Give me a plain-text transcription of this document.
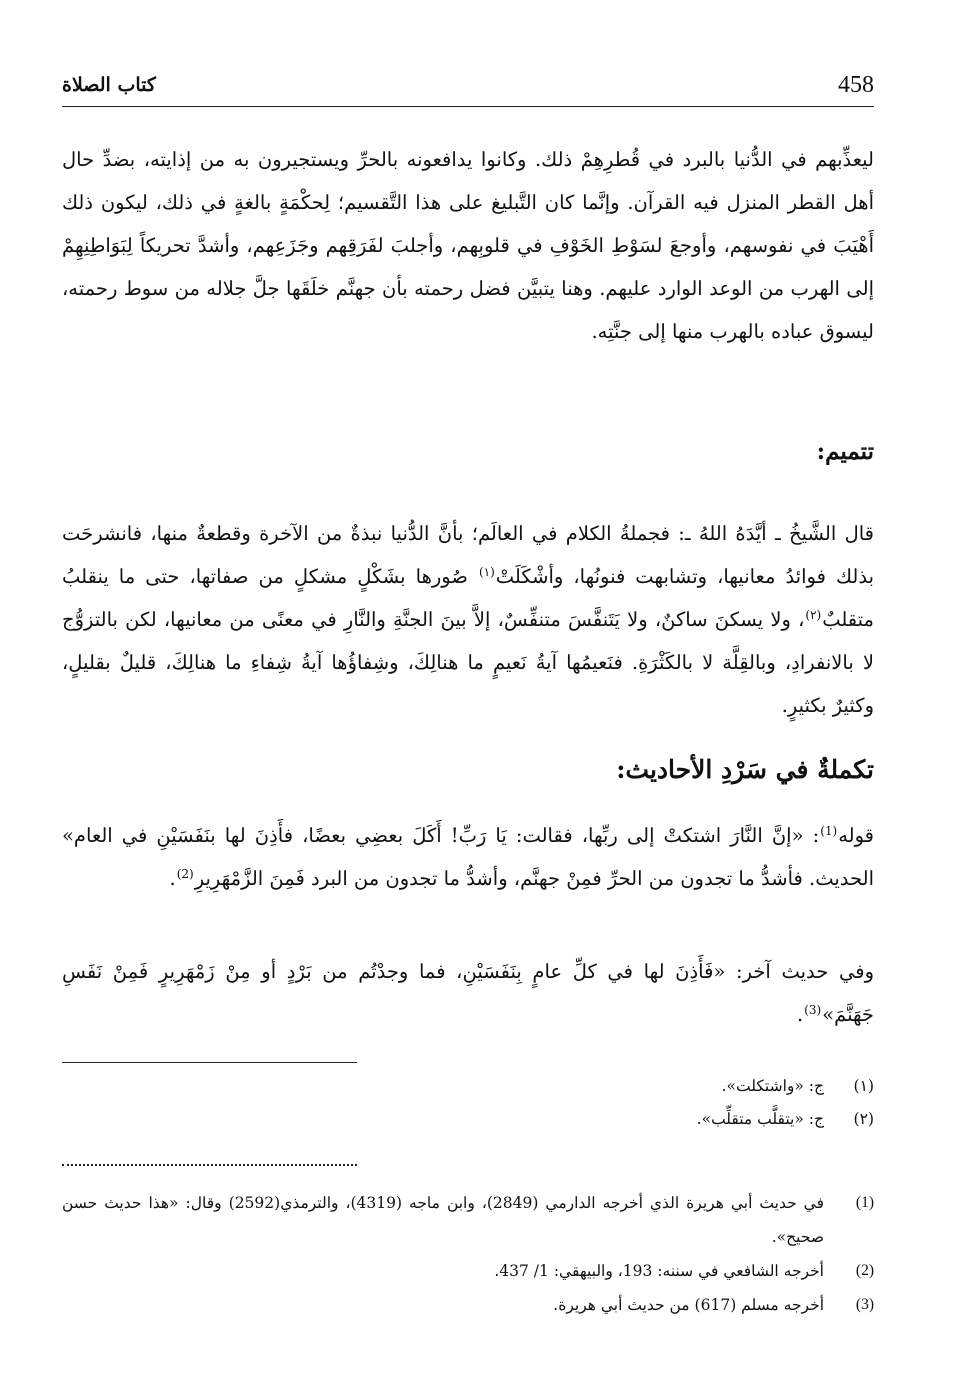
458
كتاب الصلاة

ليعذِّبهم في الدُّنيا بالبرد في قُطرِهِمْ ذلك. وكانوا يدافعونه بالحرِّ ويستجيرون به من إذايته، بضدِّ حال أهل القطر المنزل فيه القرآن. وإنَّما كان التَّبليغ على هذا التَّقسيم؛ لِحكْمَةٍ بالغةٍ في ذلك، ليكون ذلك أَهْيَبَ في نفوسهم، وأوجعَ لسَوْطِ الخَوْفِ في قلوبِهم، وأجلبَ لفَرَقِهم وجَزَعِهم، وأشدَّ تحريكاً لِبَوَاطِنِهِمْ إلى الهرب من الوعد الوارد عليهم. وهنا يتبيَّن فضل رحمته بأن جهنَّم خلَقَها جلَّ جلاله من سوط رحمته، ليسوق عباده بالهرب منها إلى جنَّتِه.

تتميم:

قال الشَّيخُ ـ أيَّدَهُ اللهُ ـ: فجملةُ الكلام في العالَم؛ بأنَّ الدُّنيا نبذةٌ من الآخرة وقطعةٌ منها، فانشرحَت بذلك فوائدُ معانيها، وتشابهت فنونُها، وأشْكَلَتْ$^{(١)}$ صُورها بشَكْلٍ مشكلٍ من صفاتها، حتى ما ينقلبُ متقلبٌ$^{(٢)}$، ولا يسكنَ ساكنٌ، ولا يَتَنفَّسَ متنفِّسٌ، إلاَّ بينَ الجنَّةِ والنَّارِ في معنًى من معانيها، لكن بالتزوُّج لا بالانفرادِ، وبالقِلَّة لا بالكَثْرَةِ. فنَعيمُها آيةُ نَعيمٍ ما هنالِكَ، وشِفاؤُها آيةُ شِفاءِ ما هنالِكَ، قليلٌ بقليلٍ، وكثيرٌ بكثيرٍ.

تكملةٌ في سَرْدِ الأحاديث:

قوله$^{(1)}$: «إنَّ النَّارَ اشتكتْ إلى ربِّها، فقالت: يَا رَبِّ! أَكَلَ بعضِي بعضًا، فأَذِنَ لها بنَفَسَيْنِ في العام» الحديث. فأشدُّ ما تجدون من الحرِّ فمِنْ جهنَّم، وأشدُّ ما تجدون من البرد فَمِنَ الزَّمْهَرِيرِ$^{(2)}$.

وفي حديث آخر: «فَأَذِنَ لها في كلِّ عامٍ بِنَفَسَيْنِ، فما وجدْتُم من بَرْدٍ أو مِنْ زَمْهَرِيرٍ فَمِنْ نَفَسِ جَهَنَّمَ»$^{(3)}$.

(١)
ج: «واشتكلت».
(٢)
ج: «يتقلَّب متقلِّب».
(1)
في حديث أبي هريرة الذي أخرجه الدارمي (2849)، وابن ماجه (4319)، والترمذي(2592) وقال: «هذا حديث حسن صحيح».
(2)
أخرجه الشافعي في سننه: 193، والبيهقي: 1/ 437.
(3)
أخرجه مسلم (617) من حديث أبي هريرة.
